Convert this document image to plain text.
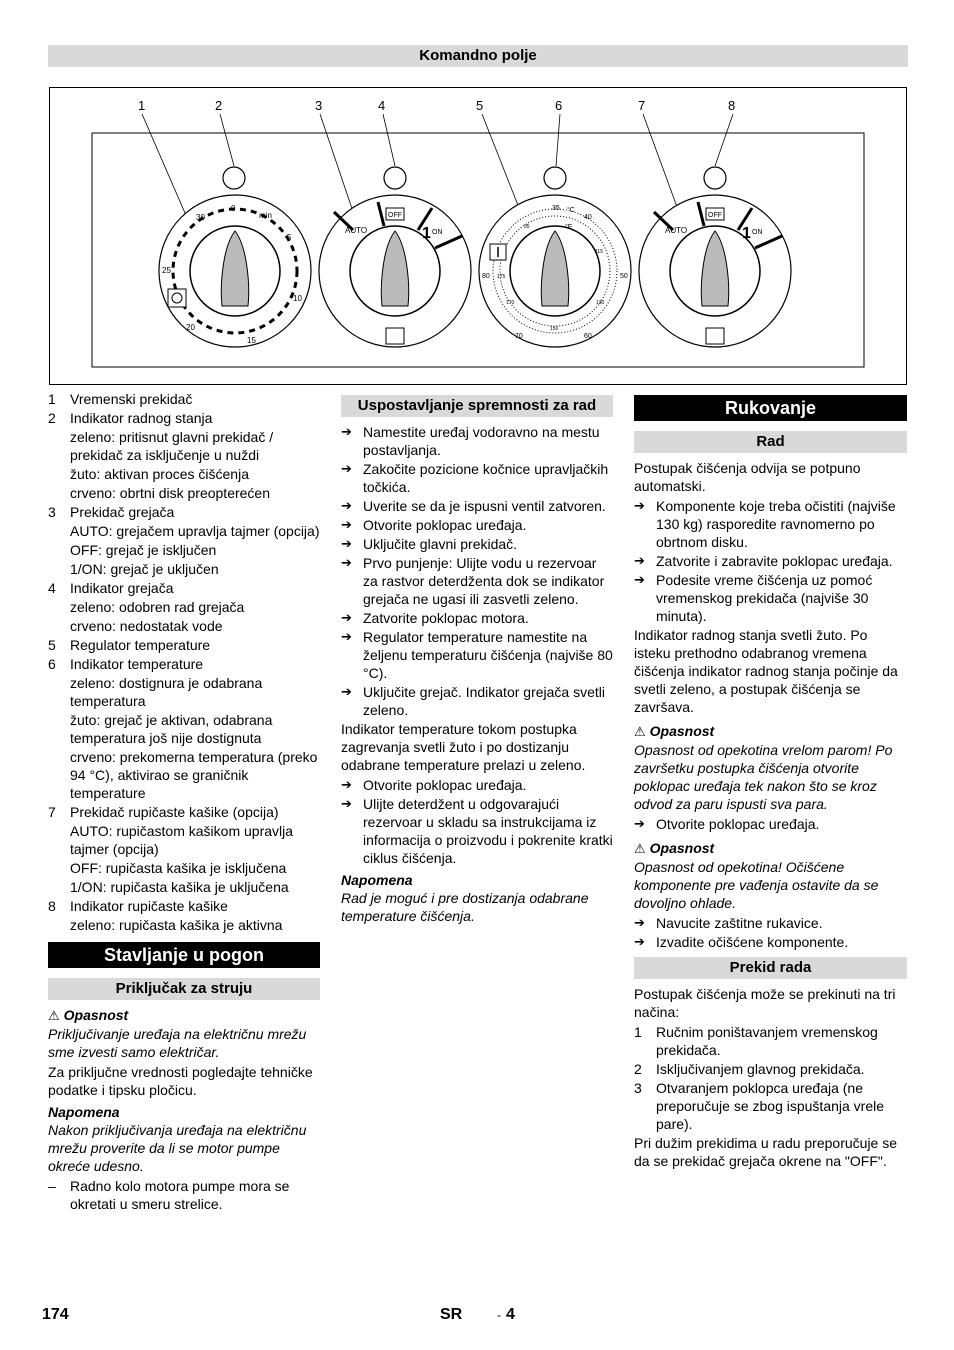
Komandno polje
1	2	3	4	5	6	7	8
0
min
5
10
15
20
25
30	OFF
AUTO	1 ON
35 °C
40
°F
50
60
70
80
95
115
130
150
170
175
OFF
AUTO	1 ON
1	Vremenski prekidač
2	Indikator radnog stanja
zeleno: pritisnut glavni prekidač / prekidač za isključenje u nuždi
žuto: aktivan proces čišćenja
crveno: obrtni disk preopterećen
3	Prekidač grejača
AUTO: grejačem upravlja tajmer (opcija)
OFF: grejač je isključen
1/ON: grejač je uključen
4	Indikator grejača
zeleno: odobren rad grejača
crveno: nedostatak vode
5	Regulator temperature
6	Indikator temperature
zeleno: dostignura je odabrana temperatura
žuto: grejač je aktivan, odabrana temperatura još nije dostignuta
crveno: prekomerna temperatura (preko 94 °C), aktivirao se graničnik temperature
7	Prekidač rupičaste kašike (opcija)
AUTO: rupičastom kašikom upravlja tajmer (opcija)
OFF: rupičasta kašika je isključena
1/ON: rupičasta kašika je uključena
8	Indikator rupičaste kašike
zeleno: rupičasta kašika je aktivna
Stavljanje u pogon
Priključak za struju
⚠ Opasnost
Priključivanje uređaja na električnu mrežu sme izvesti samo električar.

Za priključne vrednosti pogledajte tehničke podatke i tipsku pločicu.

Napomena
Nakon priključivanja uređaja na električnu mrežu proverite da li se motor pumpe okreće udesno.
–	Radno kolo motora pumpe mora se okretati u smeru strelice.
Uspostavljanje spremnosti za rad
➔ Namestite uređaj vodoravno na mestu postavljanja.
➔ Zakočite pozicione kočnice upravljačkih točkića.
➔ Uverite se da je ispusni ventil zatvoren.
➔ Otvorite poklopac uređaja.
➔ Uključite glavni prekidač.
➔ Prvo punjenje: Ulijte vodu u rezervoar za rastvor deterdženta dok se indikator grejača ne ugasi ili zasvetli zeleno.
➔ Zatvorite poklopac motora.
➔ Regulator temperature namestite na željenu temperaturu čišćenja (najviše 80 °C).
➔ Uključite grejač. Indikator grejača svetli zeleno.

Indikator temperature tokom postupka zagrevanja svetli žuto i po dostizanju odabrane temperature prelazi u zeleno.

➔ Otvorite poklopac uređaja.
➔ Ulijte deterdžent u odgovarajući rezervoar u skladu sa instrukcijama iz informacija o proizvodu i pokrenite kratki ciklus čišćenja.
Napomena
Rad je moguć i pre dostizanja odabrane temperature čišćenja.
Rukovanje
Rad

Postupak čišćenja odvija se potpuno automatski.

➔ Komponente koje treba očistiti (najviše 130 kg) rasporedite ravnomerno po obrtnom disku.
➔ Zatvorite i zabravite poklopac uređaja.
➔ Podesite vreme čišćenja uz pomoć vremenskog prekidača (najviše 30 minuta).

Indikator radnog stanja svetli žuto. Po isteku prethodno odabranog vremena čišćenja indikator radnog stanja počinje da svetli zeleno, a postupak čišćenja se završava.

⚠ Opasnost
Opasnost od opekotina vrelom parom! Po završetku postupka čišćenja otvorite poklopac uređaja tek nakon što se kroz odvod za paru ispusti sva para.
➔ Otvorite poklopac uređaja.
⚠ Opasnost
Opasnost od opekotina! Očišćene komponente pre vađenja ostavite da se dovoljno ohlade.
➔ Navucite zaštitne rukavice.
➔ Izvadite očišćene komponente.
Prekid rada

Postupak čišćenja može se prekinuti na tri načina:

1	Ručnim poništavanjem vremenskog prekidača.
2	Isključivanjem glavnog prekidača.
3	Otvaranjem poklopca uređaja (ne preporučuje se zbog ispuštanja vrele pare).

Pri dužim prekidima u radu preporučuje se da se prekidač grejača okrene na "OFF".

174	SR	- 4
